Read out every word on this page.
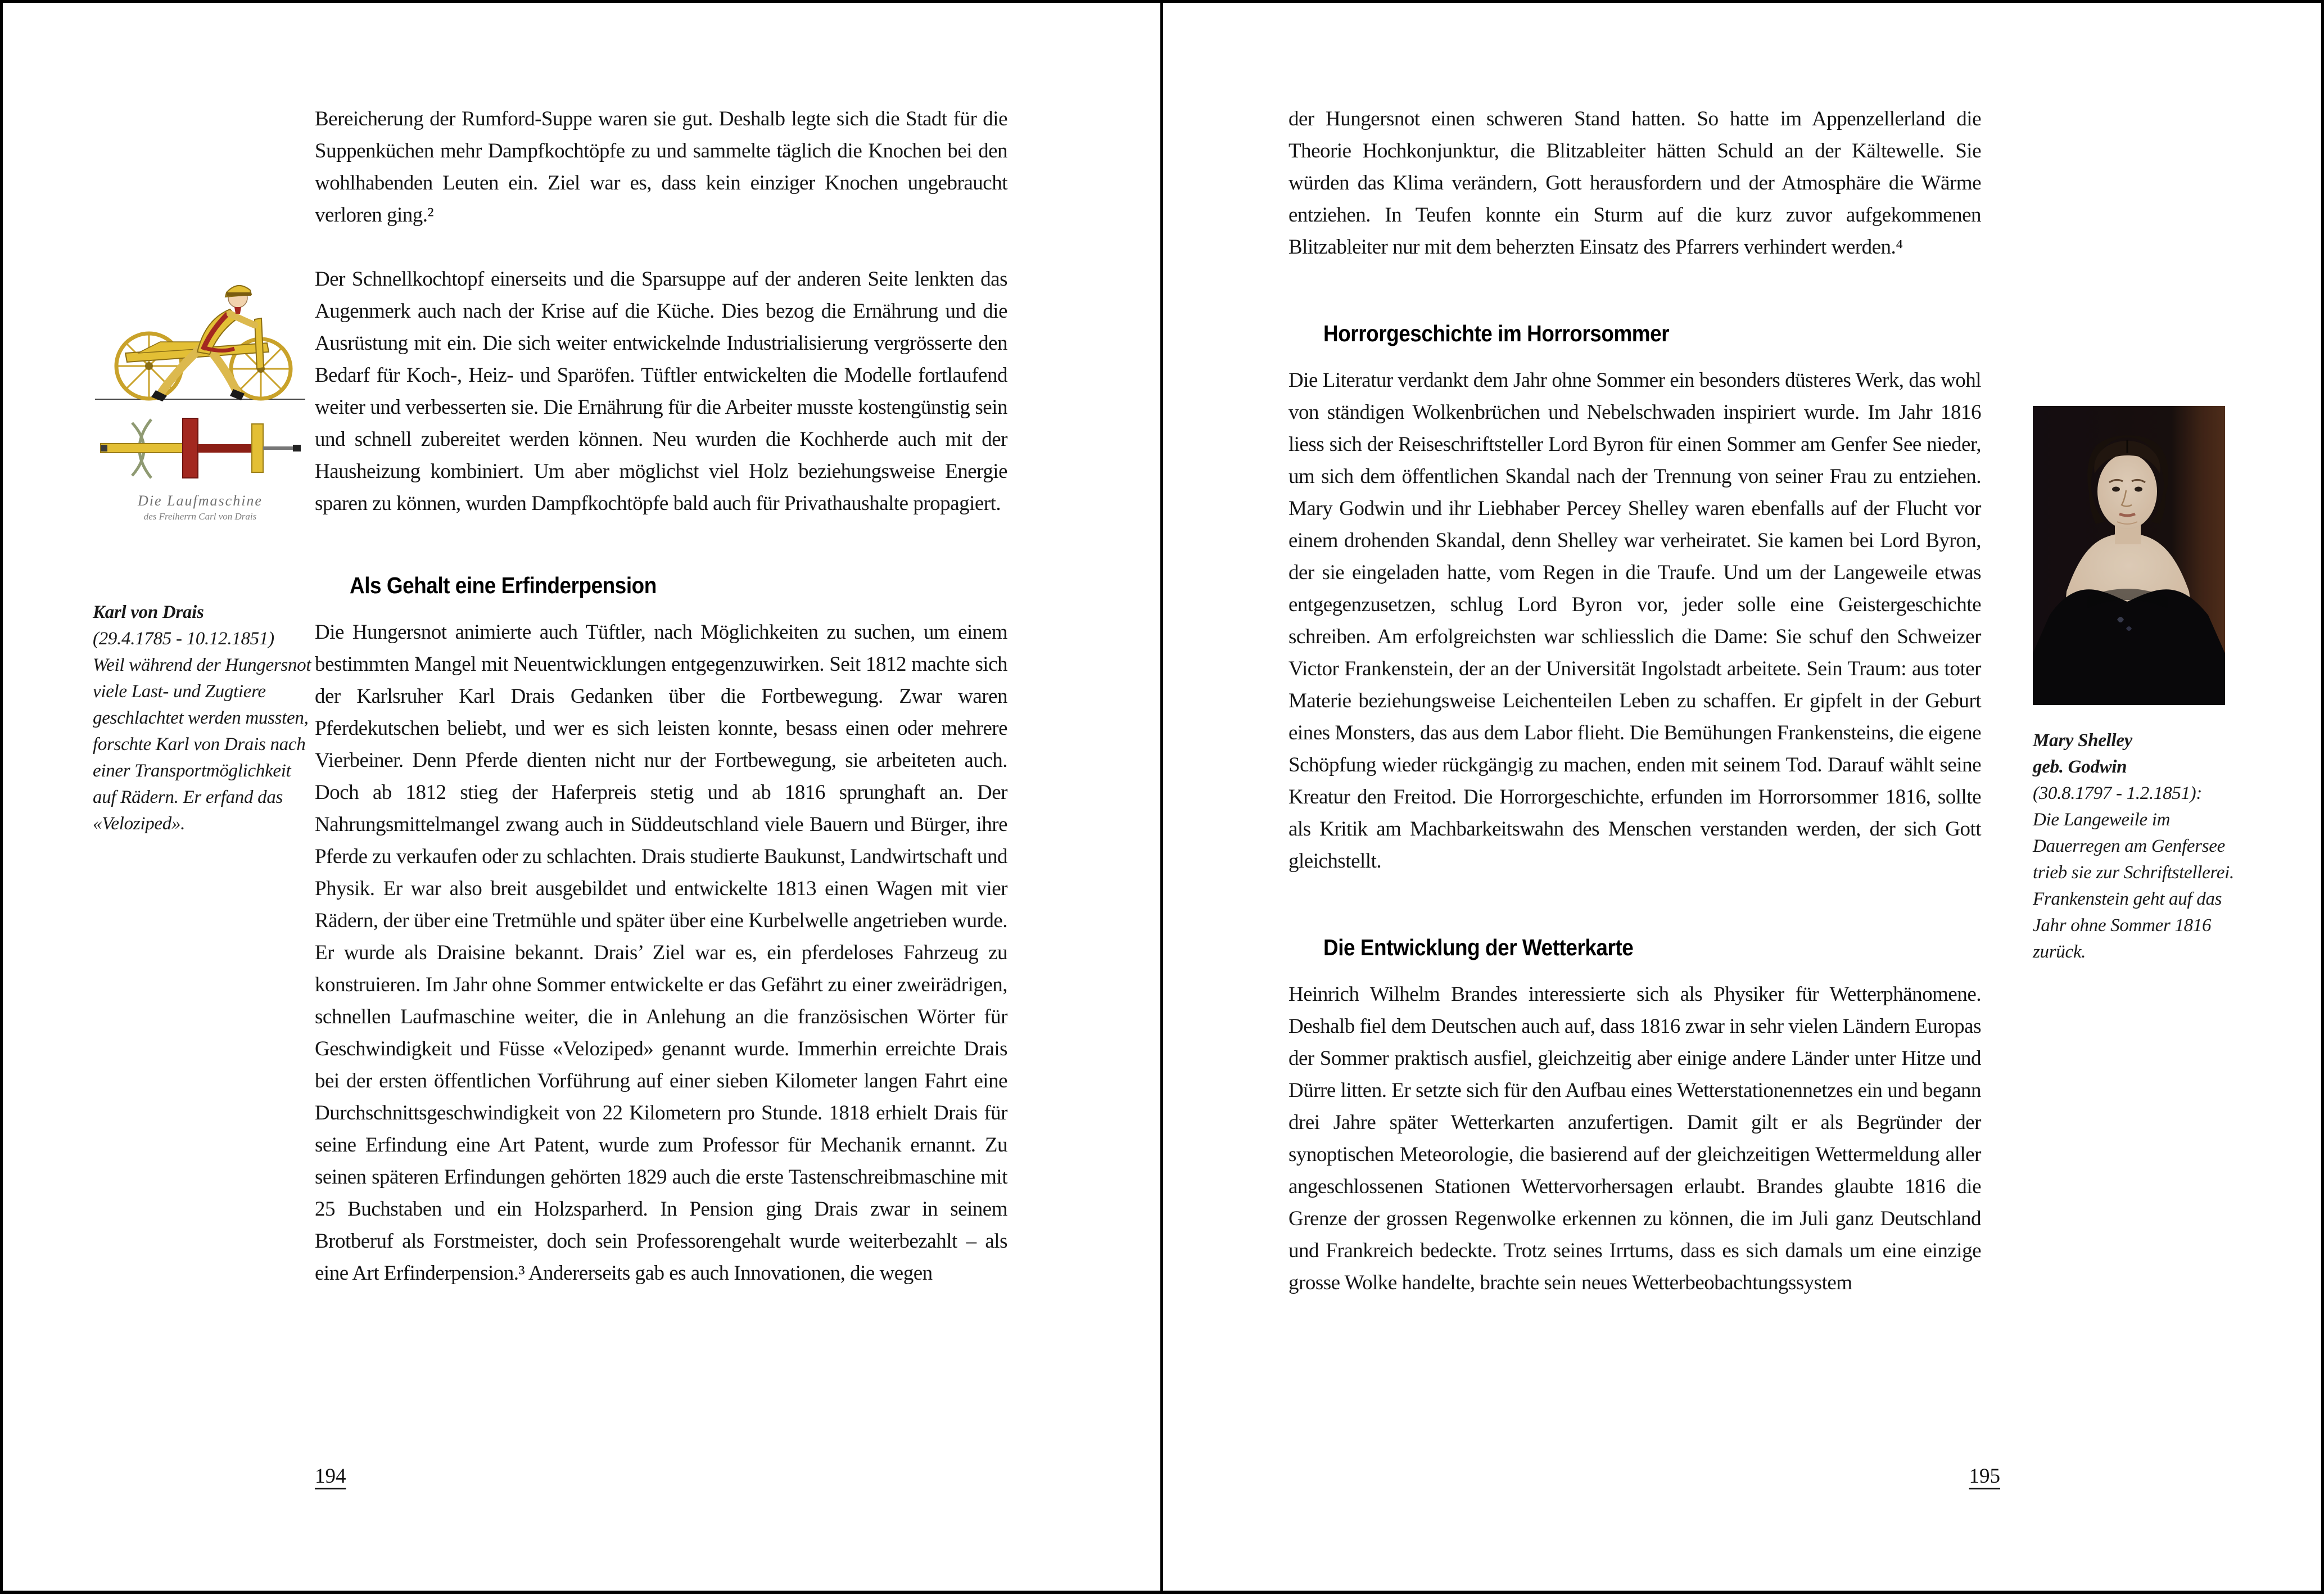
Die Laufmaschine
des Freiherrn Carl von Drais

Karl von Drais

(29.4.1785 - 10.12.1851)

Weil während der Hungersnot viele Last- und Zugtiere geschlachtet werden mussten, forschte Karl von Drais nach einer Transportmöglichkeit auf Rädern. Er erfand das «Veloziped».

Bereicherung der Rumford-Suppe waren sie gut. Deshalb legte sich die Stadt für die Suppenküchen mehr Dampfkochtöpfe zu und sammelte täglich die Knochen bei den wohlhabenden Leuten ein. Ziel war es, dass kein einziger Knochen ungebraucht verloren ging.²

Der Schnellkochtopf einerseits und die Sparsuppe auf der anderen Seite lenkten das Augenmerk auch nach der Krise auf die Küche. Dies bezog die Ernährung und die Ausrüstung mit ein. Die sich weiter entwickelnde Industrialisierung vergrösserte den Bedarf für Koch-, Heiz- und Sparöfen. Tüftler entwickelten die Modelle fortlaufend weiter und verbesserten sie. Die Ernährung für die Arbeiter musste kostengünstig sein und schnell zubereitet werden können. Neu wurden die Kochherde auch mit der Hausheizung kombiniert. Um aber möglichst viel Holz beziehungsweise Energie sparen zu können, wurden Dampfkochtöpfe bald auch für Privathaushalte propagiert.

Als Gehalt eine Erfinderpension

Die Hungersnot animierte auch Tüftler, nach Möglichkeiten zu suchen, um einem bestimmten Mangel mit Neuentwicklungen entgegenzuwirken. Seit 1812 machte sich der Karlsruher Karl Drais Gedanken über die Fortbewegung. Zwar waren Pferdekutschen beliebt, und wer es sich leisten konnte, besass einen oder mehrere Vierbeiner. Denn Pferde dienten nicht nur der Fortbewegung, sie arbeiteten auch. Doch ab 1812 stieg der Haferpreis stetig und ab 1816 sprunghaft an. Der Nahrungsmittelmangel zwang auch in Süddeutschland viele Bauern und Bürger, ihre Pferde zu verkaufen oder zu schlachten. Drais studierte Baukunst, Landwirtschaft und Physik. Er war also breit ausgebildet und entwickelte 1813 einen Wagen mit vier Rädern, der über eine Tretmühle und später über eine Kurbelwelle angetrieben wurde. Er wurde als Draisine bekannt. Drais’ Ziel war es, ein pferdeloses Fahrzeug zu konstruieren. Im Jahr ohne Sommer entwickelte er das Gefährt zu einer zweirädrigen, schnellen Laufmaschine weiter, die in Anlehung an die französischen Wörter für Geschwindigkeit und Füsse «Veloziped» genannt wurde. Immerhin erreichte Drais bei der ersten öffentlichen Vorführung auf einer sieben Kilometer langen Fahrt eine Durchschnittsgeschwindigkeit von 22 Kilometern pro Stunde. 1818 erhielt Drais für seine Erfindung eine Art Patent, wurde zum Professor für Mechanik ernannt. Zu seinen späteren Erfindungen gehörten 1829 auch die erste Tastenschreibmaschine mit 25 Buchstaben und ein Holzsparherd. In Pension ging Drais zwar in seinem Brotberuf als Forstmeister, doch sein Professorengehalt wurde weiterbezahlt – als eine Art Erfinderpension.³ Andererseits gab es auch Innovationen, die wegen

194

der Hungersnot einen schweren Stand hatten. So hatte im Appenzellerland die Theorie Hochkonjunktur, die Blitzableiter hätten Schuld an der Kältewelle. Sie würden das Klima verändern, Gott herausfordern und der Atmosphäre die Wärme entziehen. In Teufen konnte ein Sturm auf die kurz zuvor aufgekommenen Blitzableiter nur mit dem beherzten Einsatz des Pfarrers verhindert werden.⁴

Horrorgeschichte im Horrorsommer

Die Literatur verdankt dem Jahr ohne Sommer ein besonders düsteres Werk, das wohl von ständigen Wolkenbrüchen und Nebelschwaden inspiriert wurde. Im Jahr 1816 liess sich der Reiseschriftsteller Lord Byron für einen Sommer am Genfer See nieder, um sich dem öffentlichen Skandal nach der Trennung von seiner Frau zu entziehen. Mary Godwin und ihr Liebhaber Percey Shelley waren ebenfalls auf der Flucht vor einem drohenden Skandal, denn Shelley war verheiratet. Sie kamen bei Lord Byron, der sie eingeladen hatte, vom Regen in die Traufe. Und um der Langeweile etwas entgegenzusetzen, schlug Lord Byron vor, jeder solle eine Geistergeschichte schreiben. Am erfolgreichsten war schliesslich die Dame: Sie schuf den Schweizer Victor Frankenstein, der an der Universität Ingolstadt arbeitete. Sein Traum: aus toter Materie beziehungsweise Leichenteilen Leben zu schaffen. Er gipfelt in der Geburt eines Monsters, das aus dem Labor flieht. Die Bemühungen Frankensteins, die eigene Schöpfung wieder rückgängig zu machen, enden mit seinem Tod. Darauf wählt seine Kreatur den Freitod. Die Horrorgeschichte, erfunden im Horrorsommer 1816, sollte als Kritik am Machbarkeitswahn des Menschen verstanden werden, der sich Gott gleichstellt.

Die Entwicklung der Wetterkarte

Heinrich Wilhelm Brandes interessierte sich als Physiker für Wetterphänomene. Deshalb fiel dem Deutschen auch auf, dass 1816 zwar in sehr vielen Ländern Europas der Sommer praktisch ausfiel, gleichzeitig aber einige andere Länder unter Hitze und Dürre litten. Er setzte sich für den Aufbau eines Wetterstationennetzes ein und begann drei Jahre später Wetterkarten anzufertigen. Damit gilt er als Begründer der synoptischen Meteorologie, die basierend auf der gleichzeitigen Wettermeldung aller angeschlossenen Stationen Wettervorhersagen erlaubt. Brandes glaubte 1816 die Grenze der grossen Regenwolke erkennen zu können, die im Juli ganz Deutschland und Frankreich bedeckte. Trotz seines Irrtums, dass es sich damals um eine einzige grosse Wolke handelte, brachte sein neues Wetterbeobachtungssystem

Mary Shelley

geb. Godwin

(30.8.1797 - 1.2.1851):

Die Langeweile im Dauerregen am Genfersee trieb sie zur Schriftstellerei. Frankenstein geht auf das Jahr ohne Sommer 1816 zurück.

195
